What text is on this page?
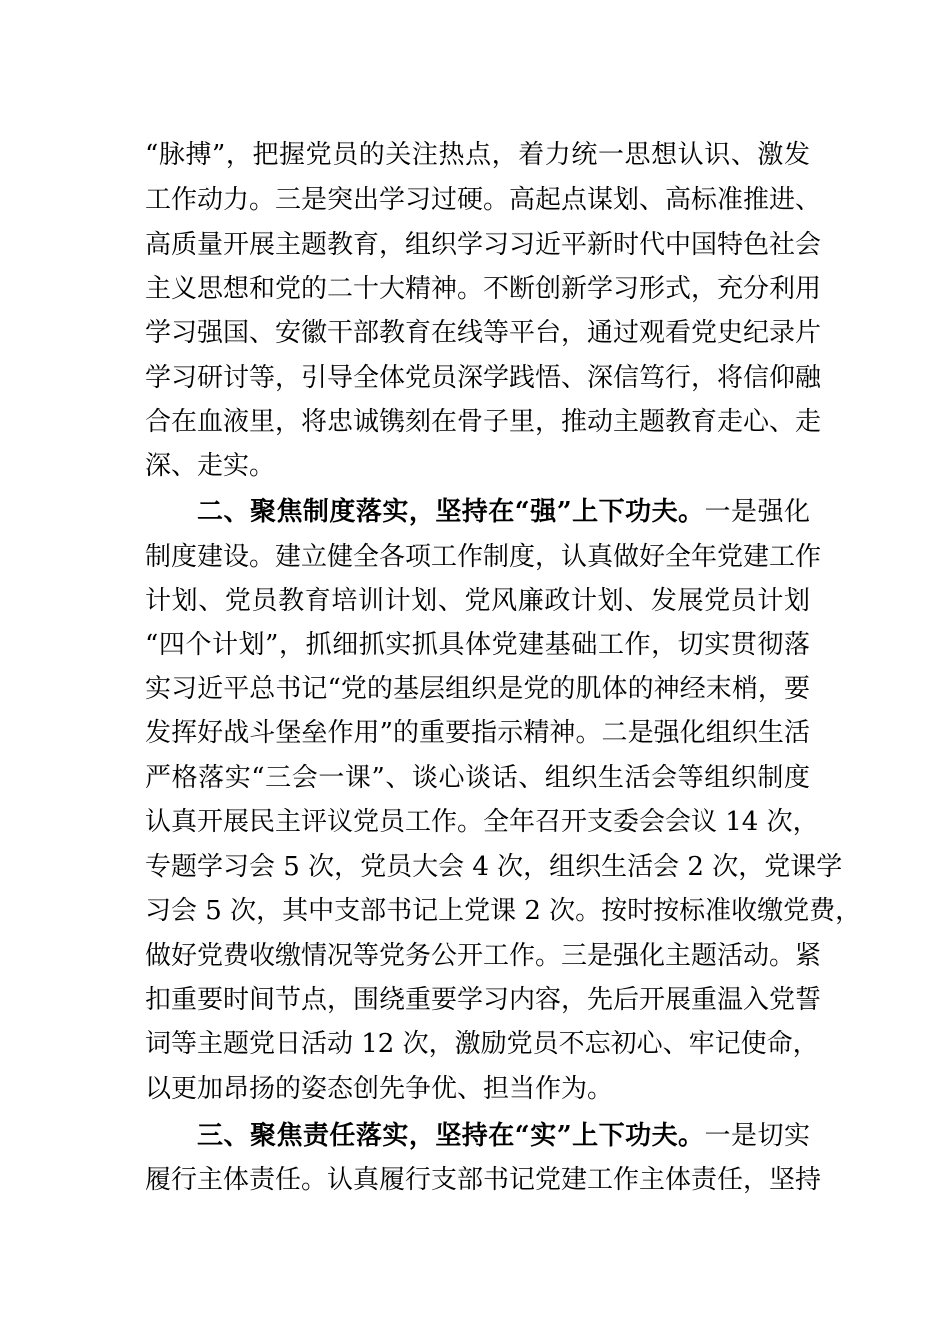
“脉搏”，把握党员的关注热点，着力统一思想认识、激发
工作动力。三是突出学习过硬。高起点谋划、高标准推进、
高质量开展主题教育，组织学习习近平新时代中国特色社会
主义思想和党的二十大精神。不断创新学习形式，充分利用
学习强国、安徽干部教育在线等平台，通过观看党史纪录片
学习研讨等，引导全体党员深学践悟、深信笃行，将信仰融
合在血液里，将忠诚镌刻在骨子里，推动主题教育走心、走
深、走实。
二、聚焦制度落实，坚持在“强”上下功夫。一是强化
制度建设。建立健全各项工作制度，认真做好全年党建工作
计划、党员教育培训计划、党风廉政计划、发展党员计划
“四个计划”，抓细抓实抓具体党建基础工作，切实贯彻落
实习近平总书记“党的基层组织是党的肌体的神经末梢，要
发挥好战斗堡垒作用”的重要指示精神。二是强化组织生活
严格落实“三会一课”、谈心谈话、组织生活会等组织制度
认真开展民主评议党员工作。全年召开支委会会议 14 次，
专题学习会 5 次，党员大会 4 次，组织生活会 2 次，党课学
习会 5 次，其中支部书记上党课 2 次。按时按标准收缴党费，
做好党费收缴情况等党务公开工作。三是强化主题活动。紧
扣重要时间节点，围绕重要学习内容，先后开展重温入党誓
词等主题党日活动 12 次，激励党员不忘初心、牢记使命，
以更加昂扬的姿态创先争优、担当作为。
三、聚焦责任落实，坚持在“实”上下功夫。一是切实
履行主体责任。认真履行支部书记党建工作主体责任，坚持
